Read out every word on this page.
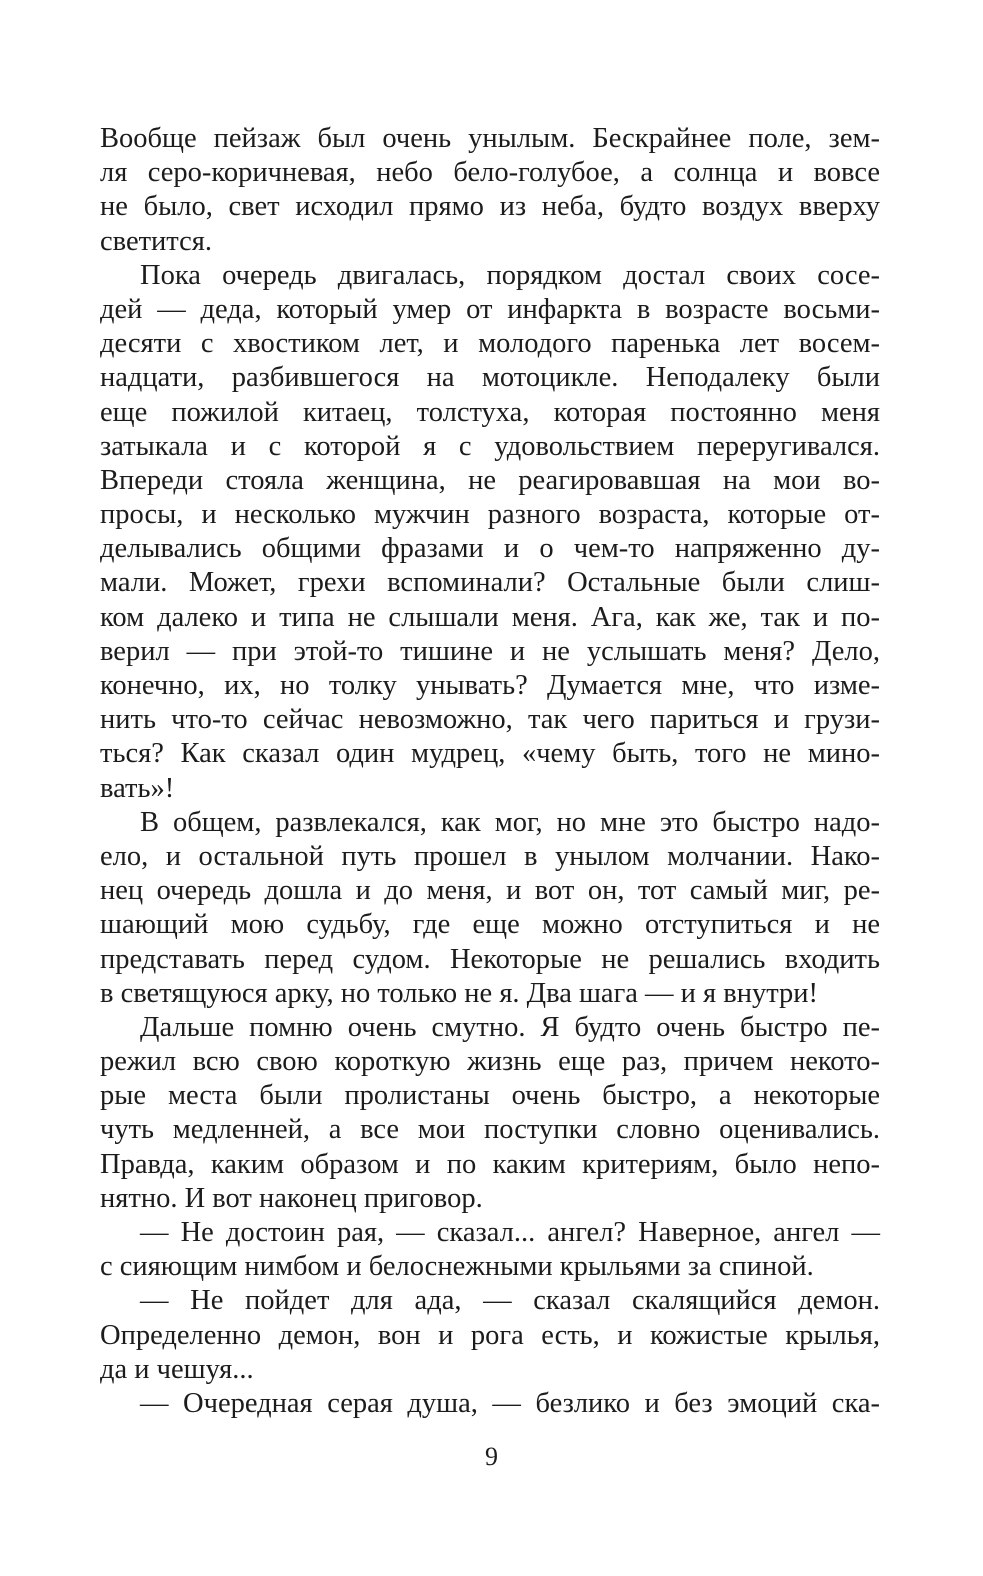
Вообще пейзаж был очень унылым. Бескрайнее поле, зем-
ля серо-коричневая, небо бело-голубое, а солнца и вовсе
не было, свет исходил прямо из неба, будто воздух вверху
светится.
Пока очередь двигалась, порядком достал своих сосе-
дей — деда, который умер от инфаркта в возрасте восьми-
десяти с хвостиком лет, и молодого паренька лет восем-
надцати, разбившегося на мотоцикле. Неподалеку были
еще пожилой китаец, толстуха, которая постоянно меня
затыкала и с которой я с удовольствием переругивался.
Впереди стояла женщина, не реагировавшая на мои во-
просы, и несколько мужчин разного возраста, которые от-
делывались общими фразами и о чем-то напряженно ду-
мали. Может, грехи вспоминали? Остальные были слиш-
ком далеко и типа не слышали меня. Ага, как же, так и по-
верил — при этой-то тишине и не услышать меня? Дело,
конечно, их, но толку унывать? Думается мне, что изме-
нить что-то сейчас невозможно, так чего париться и грузи-
ться? Как сказал один мудрец, «чему быть, того не мино-
вать»!
В общем, развлекался, как мог, но мне это быстро надо-
ело, и остальной путь прошел в унылом молчании. Нако-
нец очередь дошла и до меня, и вот он, тот самый миг, ре-
шающий мою судьбу, где еще можно отступиться и не
представать перед судом. Некоторые не решались входить
в светящуюся арку, но только не я. Два шага — и я внутри!
Дальше помню очень смутно. Я будто очень быстро пе-
режил всю свою короткую жизнь еще раз, причем некото-
рые места были пролистаны очень быстро, а некоторые
чуть медленней, а все мои поступки словно оценивались.
Правда, каким образом и по каким критериям, было непо-
нятно. И вот наконец приговор.
— Не достоин рая, — сказал... ангел? Наверное, ангел —
с сияющим нимбом и белоснежными крыльями за спиной.
— Не пойдет для ада, — сказал скалящийся демон.
Определенно демон, вон и рога есть, и кожистые крылья,
да и чешуя...
— Очередная серая душа, — безлико и без эмоций ска-
9
